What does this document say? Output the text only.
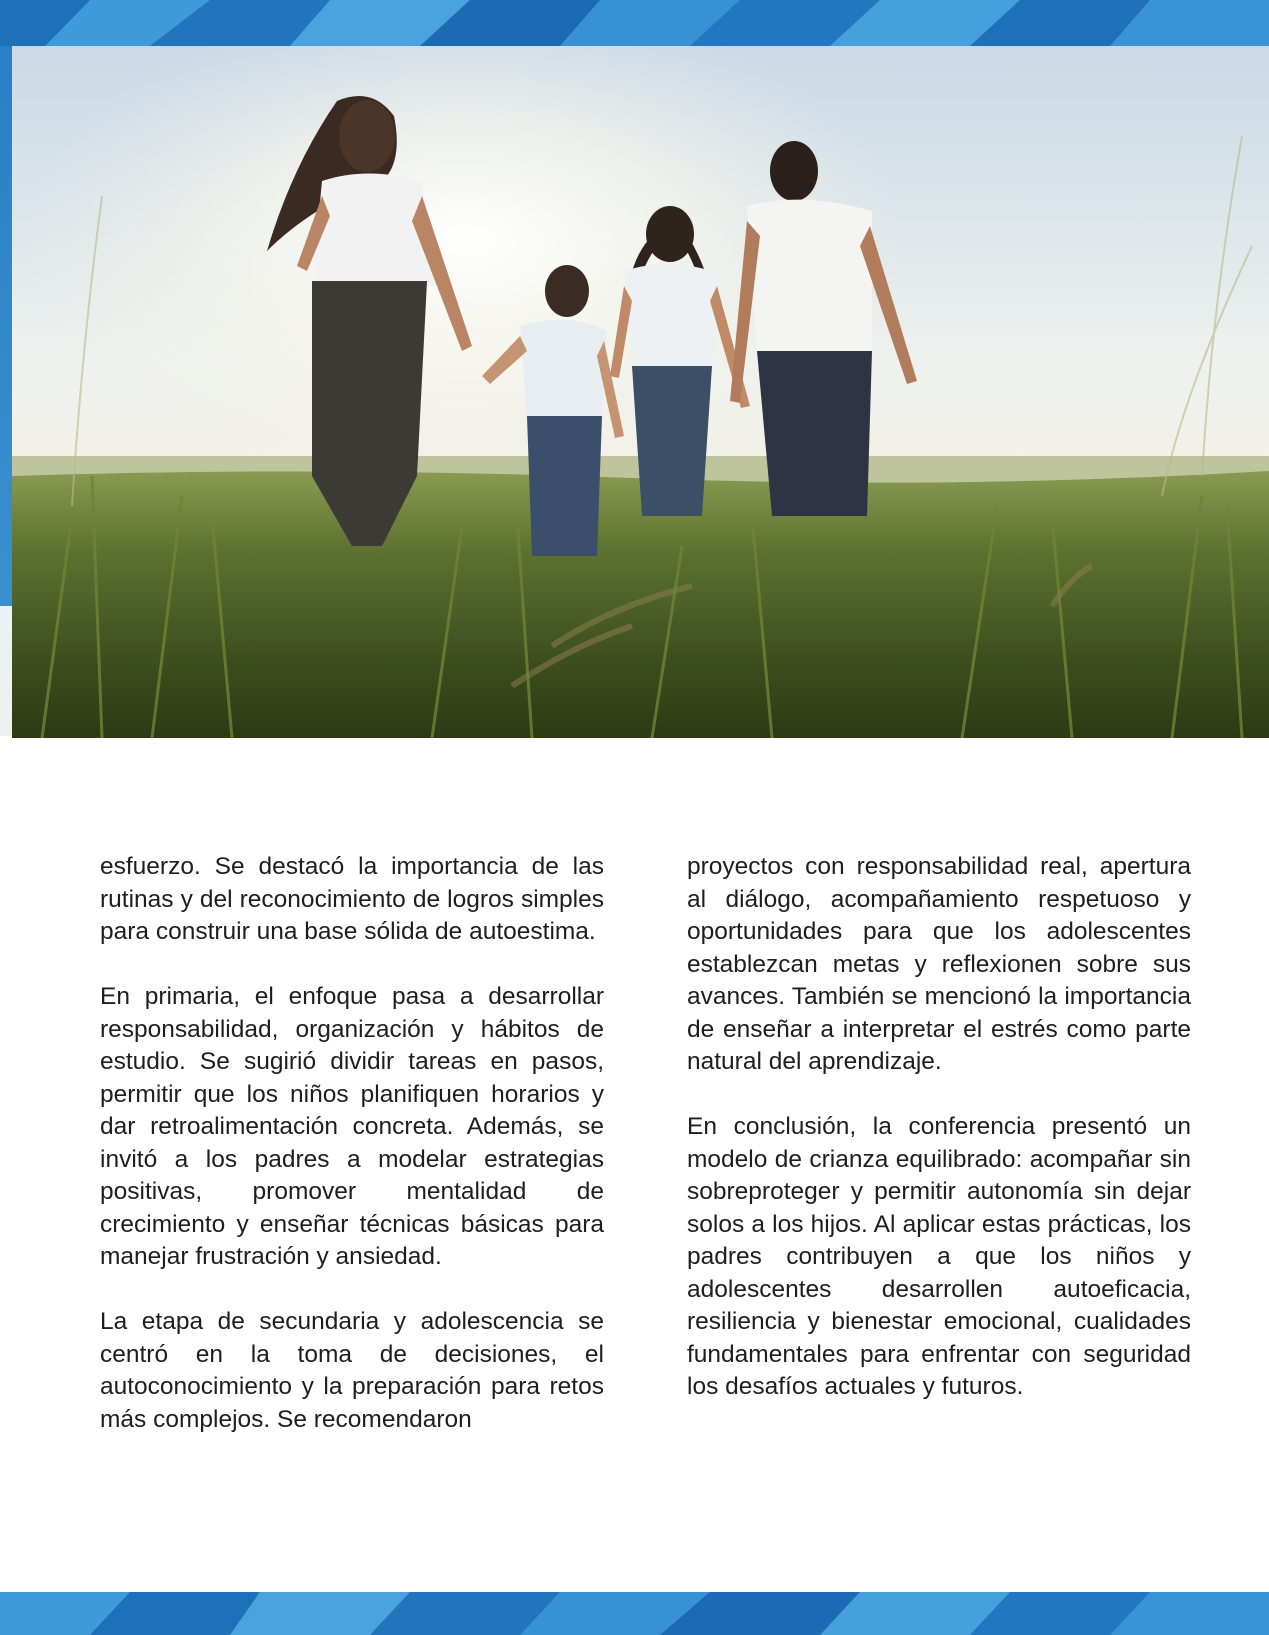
esfuerzo. Se destacó la importancia de las rutinas y del reconocimiento de logros simples para construir una base sólida de autoestima.

En primaria, el enfoque pasa a desarrollar responsabilidad, organización y hábitos de estudio. Se sugirió dividir tareas en pasos, permitir que los niños planifiquen horarios y dar retroalimentación concreta. Además, se invitó a los padres a modelar estrategias positivas, promover mentalidad de crecimiento y enseñar técnicas básicas para manejar frustración y ansiedad.

La etapa de secundaria y adolescencia se centró en la toma de decisiones, el autoconocimiento y la preparación para retos más complejos. Se recomendaron

proyectos con responsabilidad real, apertura al diálogo, acompañamiento respetuoso y oportunidades para que los adolescentes establezcan metas y reflexionen sobre sus avances. También se mencionó la importancia de enseñar a interpretar el estrés como parte natural del aprendizaje.

En conclusión, la conferencia presentó un modelo de crianza equilibrado: acompañar sin sobreproteger y permitir autonomía sin dejar solos a los hijos. Al aplicar estas prácticas, los padres contribuyen a que los niños y adolescentes desarrollen autoeficacia, resiliencia y bienestar emocional, cualidades fundamentales para enfrentar con seguridad los desafíos actuales y futuros.
